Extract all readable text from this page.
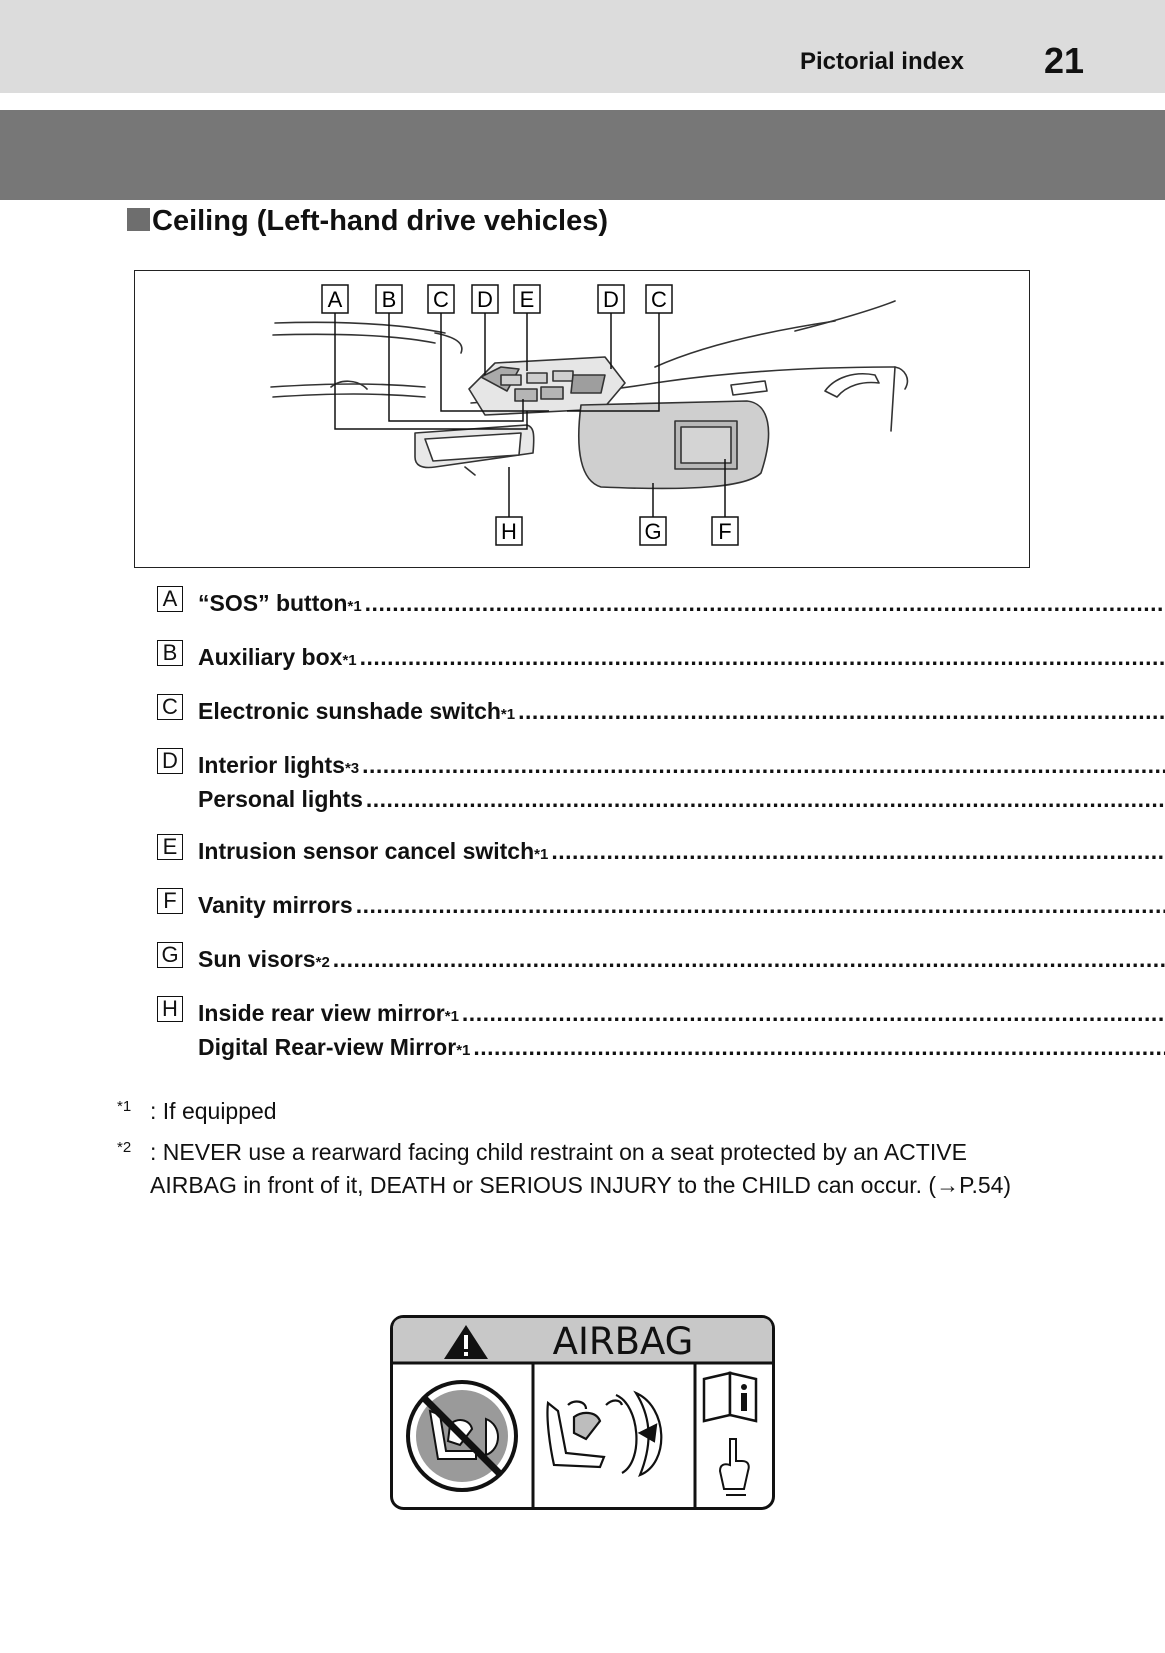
Pictorial index 21
Ceiling (Left-hand drive vehicles)
A B C D E	D C
H	G	F
A “SOS” button *1
.....
B Auxiliary box *1
.....
C Electronic sunshade switch *1
.....
D Interior lights *3
.....
Personal lights
.....
E Intrusion sensor cancel switch *1
.....
F Vanity mirrors
.....
G Sun visors *2
.....
H Inside rear view mirror *1
.....
Digital Rear-view Mirror *1
.....
$^{*1}$ : If equipped
$^{*2}$ : NEVER use a rearward facing child restraint on a seat protected by an ACTIVE AIRBAG in front of it, DEATH or SERIOUS INJURY to the CHILD can occur. (→P.54)
AIRBAG
